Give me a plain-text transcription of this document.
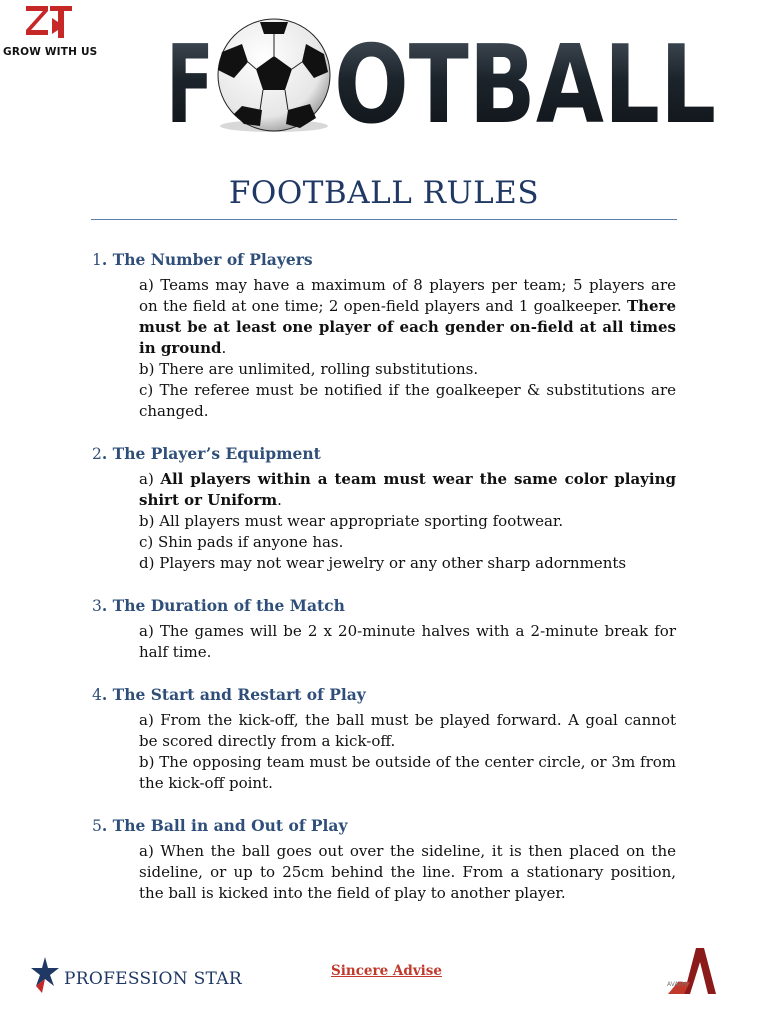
GROW WITH US F OTBALL
FOOTBALL RULES
1. The Number of Players
a) Teams may have a maximum of 8 players per team; 5 players are on the field at one time; 2 open-field players and 1 goalkeeper. There must be at least one player of each gender on-field at all times in ground.
b) There are unlimited, rolling substitutions.
c) The referee must be notified if the goalkeeper & substitutions are changed.
2. The Player’s Equipment
a) All players within a team must wear the same color playing shirt or Uniform.
b) All players must wear appropriate sporting footwear.
c) Shin pads if anyone has.
d) Players may not wear jewelry or any other sharp adornments
3. The Duration of the Match
a) The games will be 2 x 20-minute halves with a 2-minute break for half time.
4. The Start and Restart of Play
a) From the kick-off, the ball must be played forward. A goal cannot be scored directly from a kick-off.
b) The opposing team must be outside of the center circle, or 3m from the kick-off point.
5. The Ball in and Out of Play
a) When the ball goes out over the sideline, it is then placed on the sideline, or up to 25cm behind the line. From a stationary position, the ball is kicked into the field of play to another player.
PROFESSION STAR	Sincere Advise
AVATHI
